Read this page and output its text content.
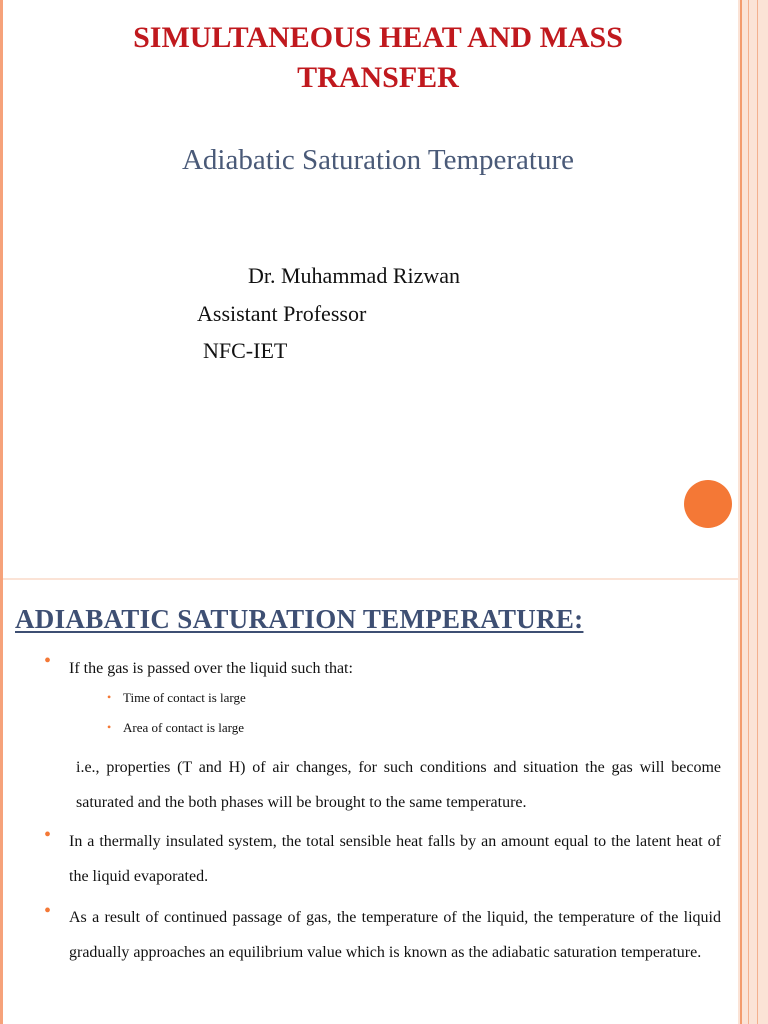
SIMULTANEOUS HEAT AND MASS TRANSFER

Adiabatic Saturation Temperature

Dr. Muhammad Rizwan

Assistant Professor

NFC-IET

ADIABATIC SATURATION TEMPERATURE:
• If the gas is passed over the liquid such that:

• Time of contact is large

• Area of contact is large

i.e., properties (T and H) of air changes, for such conditions and situation the gas will become saturated and the both phases will be brought to the same temperature.

• In a thermally insulated system, the total sensible heat falls by an amount equal to the latent heat of the liquid evaporated.

• As a result of continued passage of gas, the temperature of the liquid, the temperature of the liquid gradually approaches an equilibrium value which is known as the adiabatic saturation temperature.
